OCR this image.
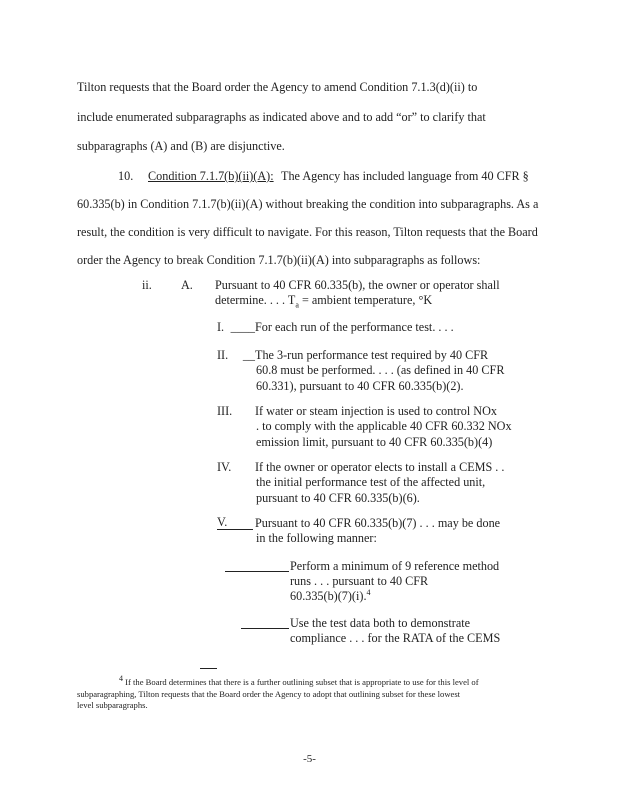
Tilton requests that the Board order the Agency to amend Condition 7.1.3(d)(ii) to
include enumerated subparagraphs as indicated above and to add “or” to clarify that
subparagraphs (A) and (B) are disjunctive.
10. Condition 7.1.7(b)(ii)(A): The Agency has included language from 40 CFR §
60.335(b) in Condition 7.1.7(b)(ii)(A) without breaking the condition into subparagraphs. As a
result, the condition is very difficult to navigate. For this reason, Tilton requests that the Board
order the Agency to break Condition 7.1.7(b)(ii)(A) into subparagraphs as follows:
ii. A. Pursuant to 40 CFR 60.335(b), the owner or operator shall
determine. . . . $T_a$ = ambient temperature, °K
I. ____ For each run of the performance test. . . .
II. __ The 3-run performance test required by 40 CFR
60.8 must be performed. . . . (as defined in 40 CFR
60.331), pursuant to 40 CFR 60.335(b)(2).
III. If water or steam injection is used to control NOx
. to comply with the applicable 40 CFR 60.332 NOx
emission limit, pursuant to 40 CFR 60.335(b)(4)
IV. If the owner or operator elects to install a CEMS . .
the initial performance test of the affected unit,
pursuant to 40 CFR 60.335(b)(6).
V.	Pursuant to 40 CFR 60.335(b)(7) . . . may be done
in the following manner:
Perform a minimum of 9 reference method
runs . . . pursuant to 40 CFR
60.335(b)(7)(i).$^4$
Use the test data both to demonstrate
compliance . . . for the RATA of the CEMS
$^4$ If the Board determines that there is a further outlining subset that is appropriate to use for this level of
subparagraphing, Tilton requests that the Board order the Agency to adopt that outlining subset for these lowest
level subparagraphs.
-5-
